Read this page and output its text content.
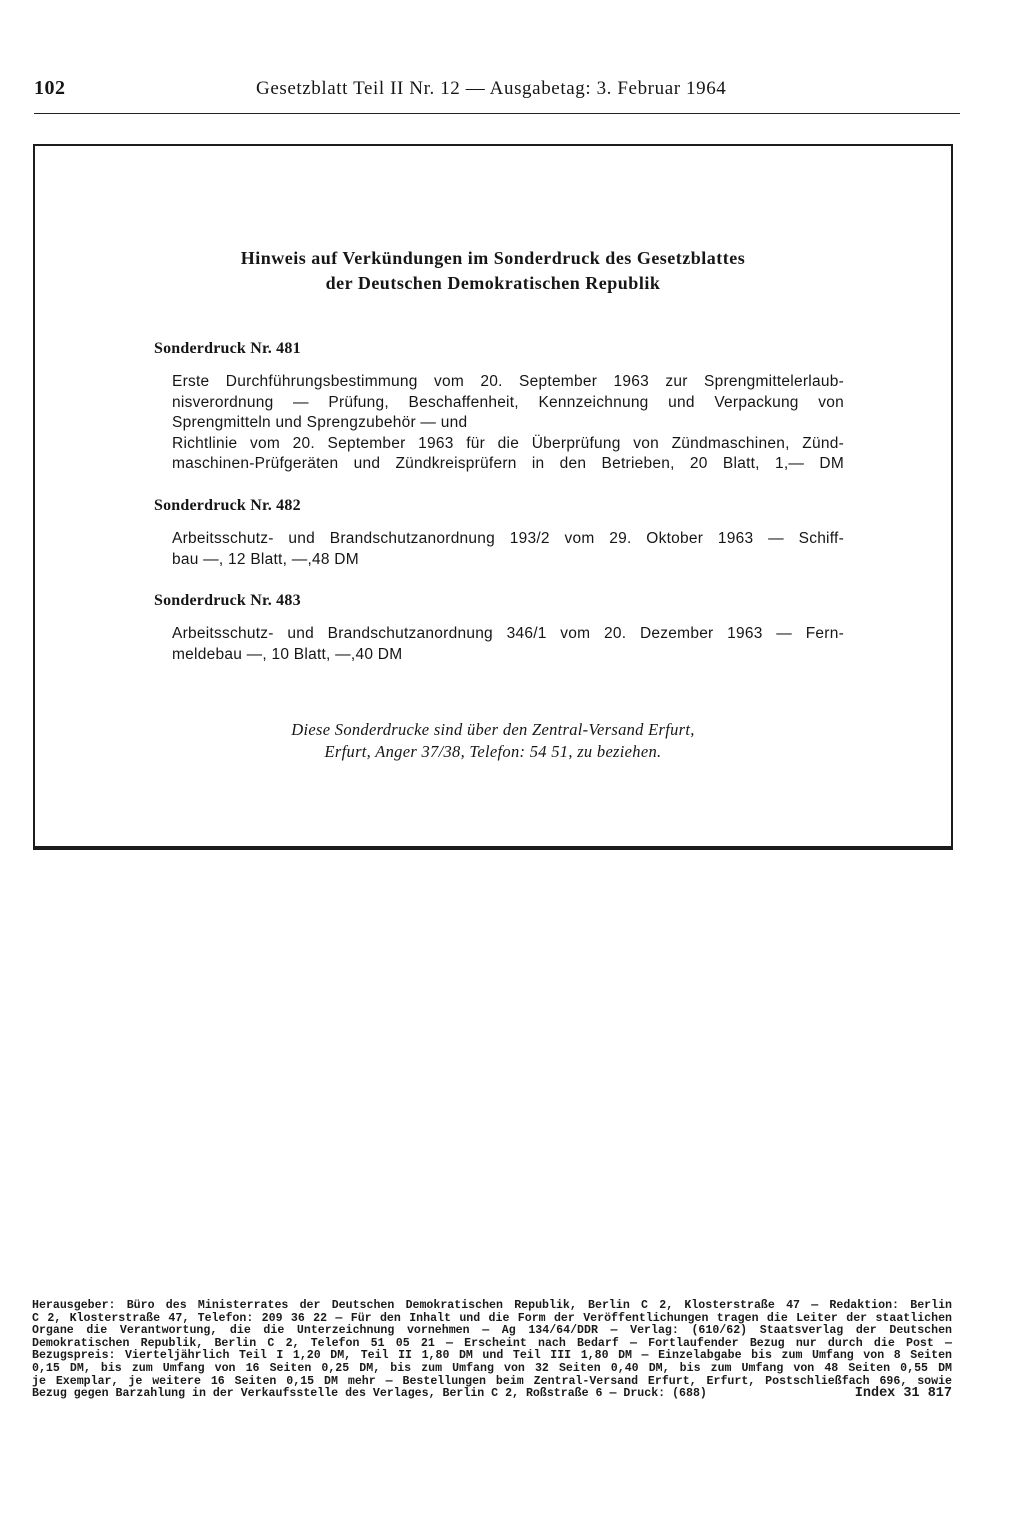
102	Gesetzblatt Teil II Nr. 12 — Ausgabetag: 3. Februar 1964
Hinweis auf Verkündungen im Sonderdruck des Gesetzblattes
der Deutschen Demokratischen Republik
Sonderdruck Nr. 481
Erste Durchführungsbestimmung vom 20. September 1963 zur Sprengmittelerlaub-
nisverordnung — Prüfung, Beschaffenheit, Kennzeichnung und Verpackung von
Sprengmitteln und Sprengzubehör — und
Richtlinie vom 20. September 1963 für die Überprüfung von Zündmaschinen, Zünd-
maschinen-Prüfgeräten und Zündkreisprüfern in den Betrieben, 20 Blatt, 1,— DM
Sonderdruck Nr. 482
Arbeitsschutz- und Brandschutzanordnung 193/2 vom 29. Oktober 1963 — Schiff-
bau —, 12 Blatt, —,48 DM
Sonderdruck Nr. 483
Arbeitsschutz- und Brandschutzanordnung 346/1 vom 20. Dezember 1963 — Fern-
meldebau —, 10 Blatt, —,40 DM
Diese Sonderdrucke sind über den Zentral-Versand Erfurt,
Erfurt, Anger 37/38, Telefon: 54 51, zu beziehen.
Herausgeber: Büro des Ministerrates der Deutschen Demokratischen Republik, Berlin C 2, Klosterstraße 47 — Redaktion: Berlin
C 2, Klosterstraße 47, Telefon: 209 36 22 — Für den Inhalt und die Form der Veröffentlichungen tragen die Leiter der staatlichen
Organe die Verantwortung, die die Unterzeichnung vornehmen — Ag 134/64/DDR — Verlag: (610/62) Staatsverlag der Deutschen
Demokratischen Republik, Berlin C 2, Telefon 51 05 21 — Erscheint nach Bedarf — Fortlaufender Bezug nur durch die Post —
Bezugspreis: Vierteljährlich Teil I 1,20 DM, Teil II 1,80 DM und Teil III 1,80 DM — Einzelabgabe bis zum Umfang von 8 Seiten
0,15 DM, bis zum Umfang von 16 Seiten 0,25 DM, bis zum Umfang von 32 Seiten 0,40 DM, bis zum Umfang von 48 Seiten 0,55 DM
je Exemplar, je weitere 16 Seiten 0,15 DM mehr — Bestellungen beim Zentral-Versand Erfurt, Erfurt, Postschließfach 696, sowie
Bezug gegen Barzahlung in der Verkaufsstelle des Verlages, Berlin C 2, Roßstraße 6 — Druck: (688)	Index 31 817
